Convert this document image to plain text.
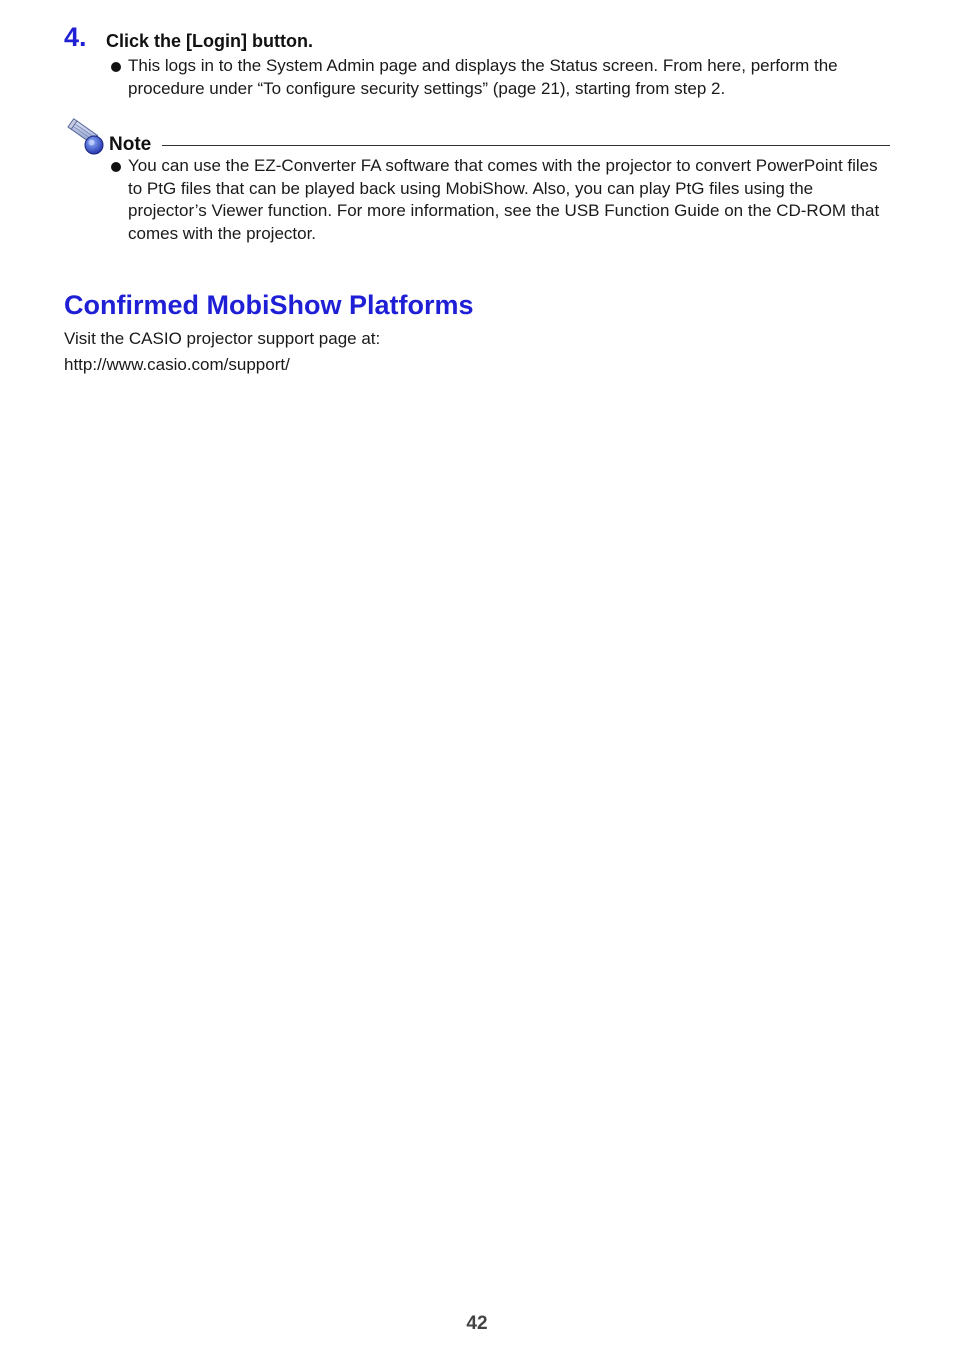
4. Click the [Login] button.
This logs in to the System Admin page and displays the Status screen. From here, perform the procedure under “To configure security settings” (page 21), starting from step 2.
Note
You can use the EZ-Converter FA software that comes with the projector to convert PowerPoint files to PtG files that can be played back using MobiShow. Also, you can play PtG files using the projector’s Viewer function. For more information, see the USB Function Guide on the CD-ROM that comes with the projector.
Confirmed MobiShow Platforms

Visit the CASIO projector support page at:

http://www.casio.com/support/

42
